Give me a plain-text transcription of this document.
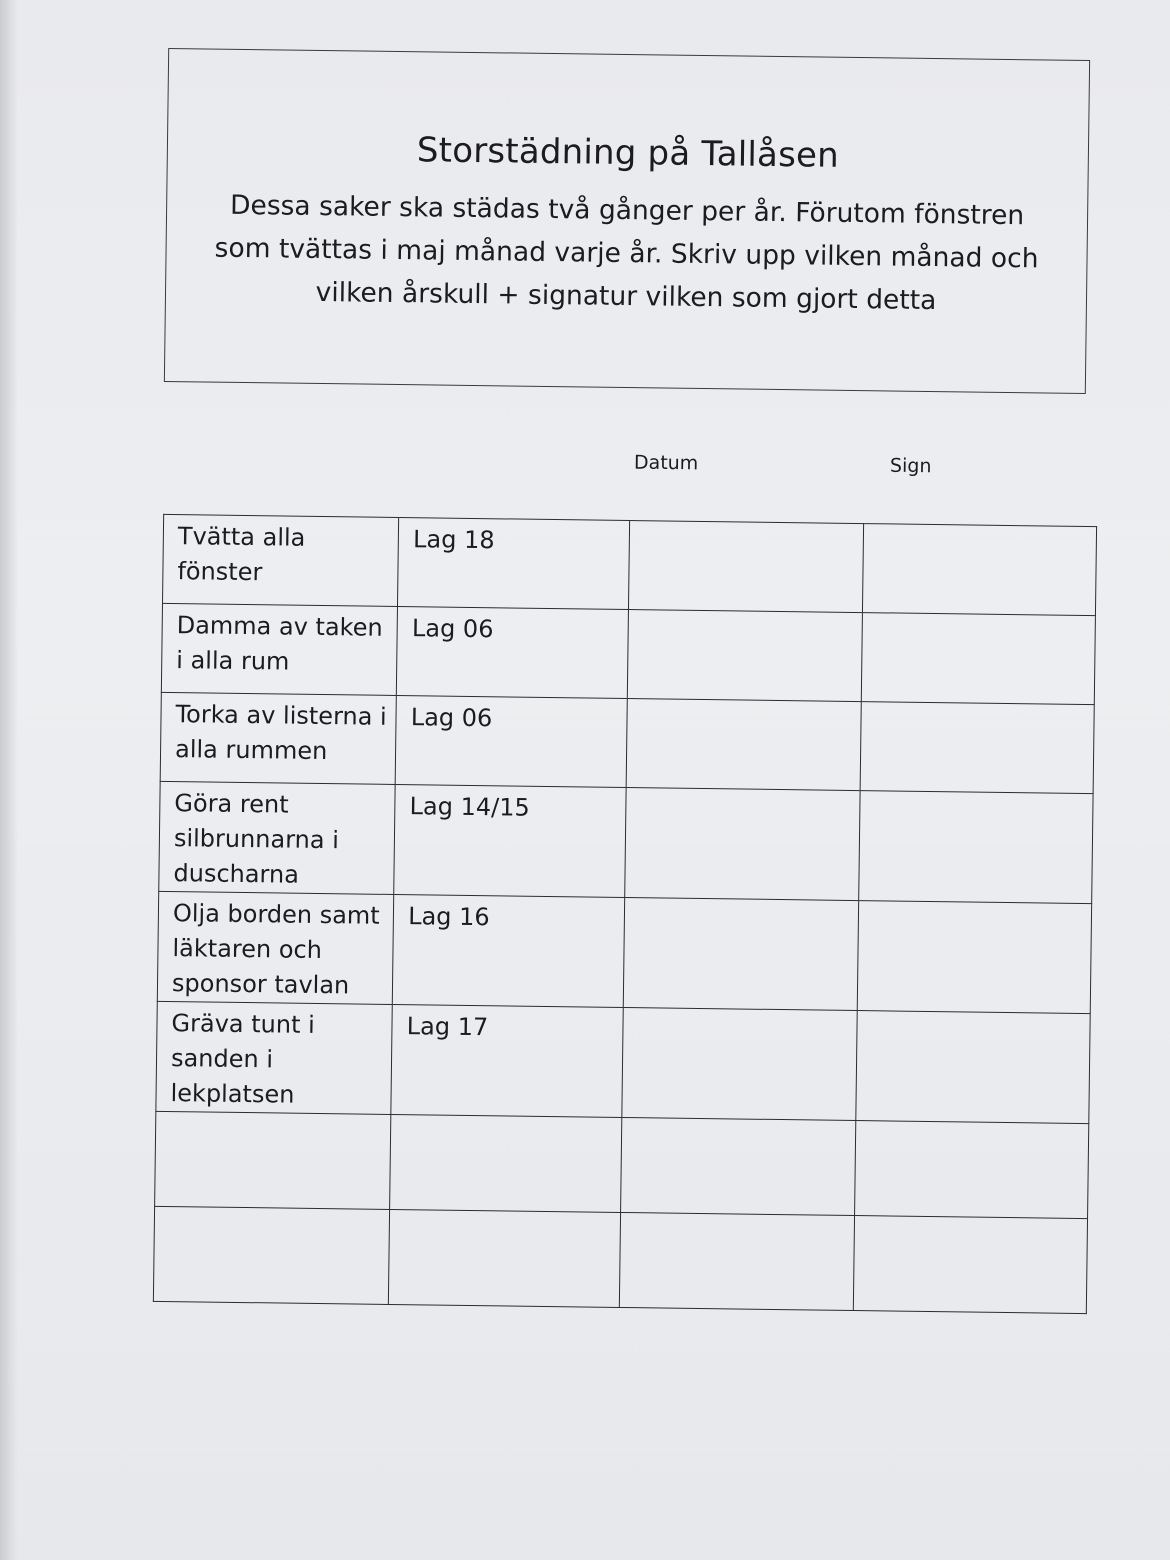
Storstädning på Tallåsen
Dessa saker ska städas två gånger per år. Förutom fönstren som tvättas i maj månad varje år. Skriv upp vilken månad och vilken årskull + signatur vilken som gjort detta
Datum	Sign
Tvätta alla fönster	Lag 18		
Damma av taken i alla rum	Lag 06		
Torka av listerna i alla rummen	Lag 06		
Göra rent silbrunnarna i duscharna	Lag 14/15		
Olja borden samt läktaren och sponsor tavlan	Lag 16		
Gräva tunt i sanden i lekplatsen	Lag 17		
